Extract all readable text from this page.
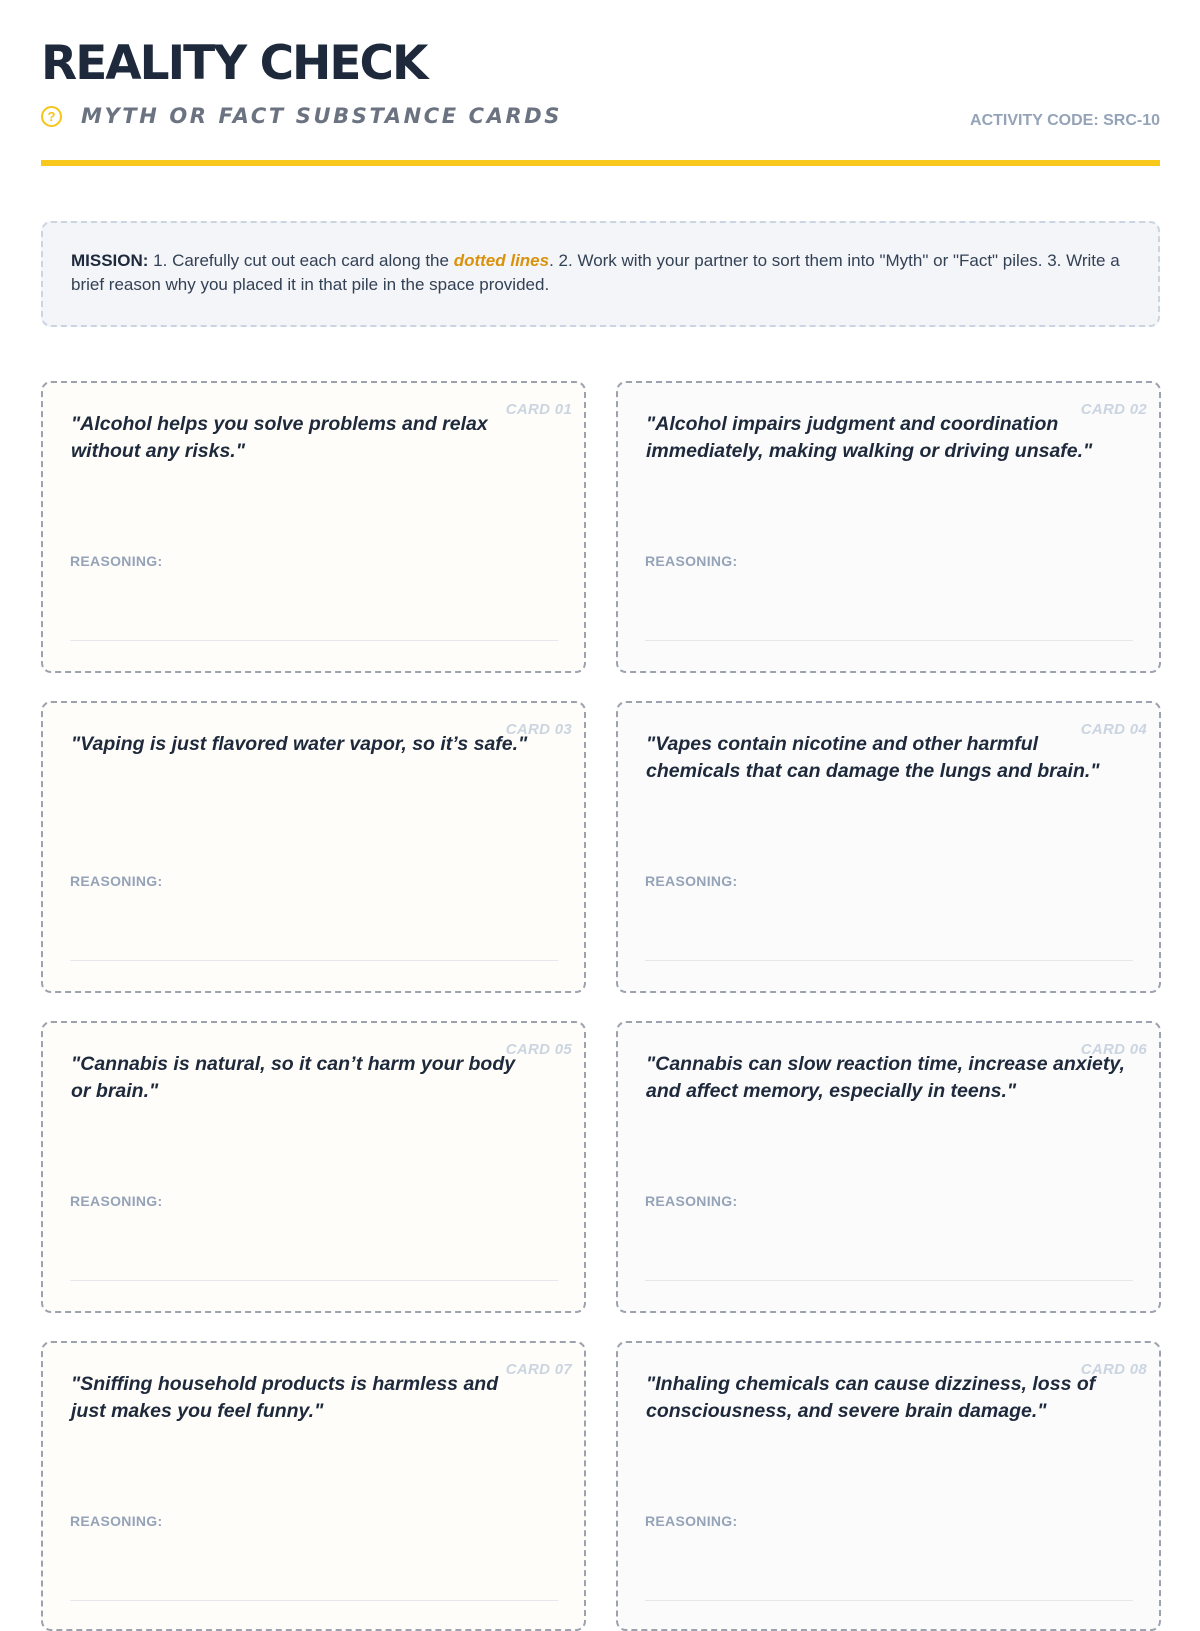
REALITY CHECK
?	MYTH OR FACT SUBSTANCE CARDS	ACTIVITY CODE: SRC-10
MISSION: 1. Carefully cut out each card along the dotted lines. 2. Work with your partner to sort them into "Myth" or "Fact" piles. 3. Write a brief reason why you placed it in that pile in the space provided.
CARD 01

"Alcohol helps you solve problems and relax without any risks."

REASONING:
CARD 02

"Alcohol impairs judgment and coordination immediately, making walking or driving unsafe."

REASONING:
CARD 03

"Vaping is just flavored water vapor, so it’s safe."

REASONING:
CARD 04

"Vapes contain nicotine and other harmful chemicals that can damage the lungs and brain."

REASONING:
CARD 05

"Cannabis is natural, so it can’t harm your body or brain."

REASONING:
CARD 06

"Cannabis can slow reaction time, increase anxiety, and affect memory, especially in teens."

REASONING:
CARD 07

"Sniffing household products is harmless and just makes you feel funny."

REASONING:
CARD 08

"Inhaling chemicals can cause dizziness, loss of consciousness, and severe brain damage."

REASONING:
